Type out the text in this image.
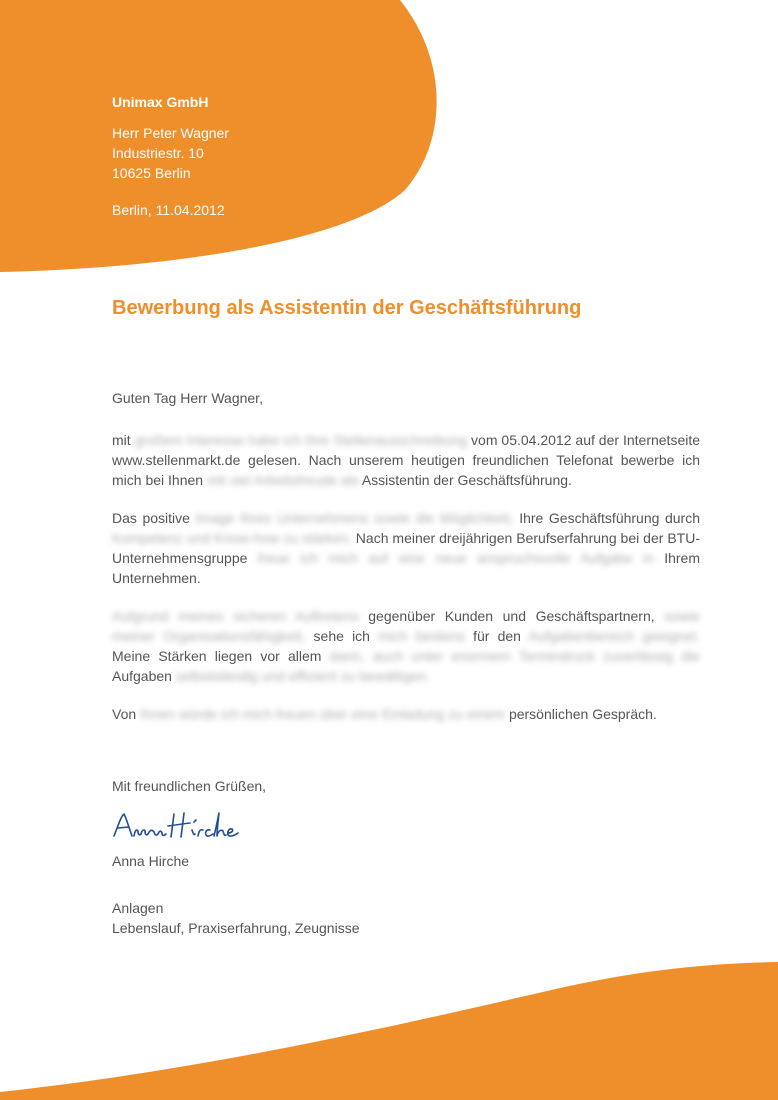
Unimax GmbH
Herr Peter Wagner
Industriestr. 10
10625 Berlin
Berlin, 11.04.2012
Bewerbung als Assistentin der Geschäftsführung

Guten Tag Herr Wagner,

mit großem Interesse habe ich Ihre Stellenausschreibung vom 05.04.2012 auf der Internetseite www.stellenmarkt.de gelesen. Nach unserem heutigen freundlichen Telefonat bewerbe ich mich bei Ihnen mit viel Arbeitsfreude als Assistentin der Geschäftsführung.

Das positive Image Ihres Unternehmens sowie die Möglichkeit, Ihre Geschäftsführung durch Kompetenz und Know-how zu stärken. Nach meiner dreijährigen Berufserfahrung bei der BTU-Unternehmensgruppe freue ich mich auf eine neue anspruchsvolle Aufgabe in Ihrem Unternehmen.

Aufgrund meines sicheren Auftretens gegenüber Kunden und Geschäftspartnern, sowie meiner Organisationsfähigkeit, sehe ich mich bestens für den Aufgabenbereich geeignet. Meine Stärken liegen vor allem darin, auch unter enormem Termindruck zuverlässig die Aufgaben selbstständig und effizient zu bewältigen.

Von Ihnen würde ich mich freuen über eine Einladung zu einem persönlichen Gespräch.

Mit freundlichen Grüßen,
Anna Hirche
Anlagen
Lebenslauf, Praxiserfahrung, Zeugnisse
